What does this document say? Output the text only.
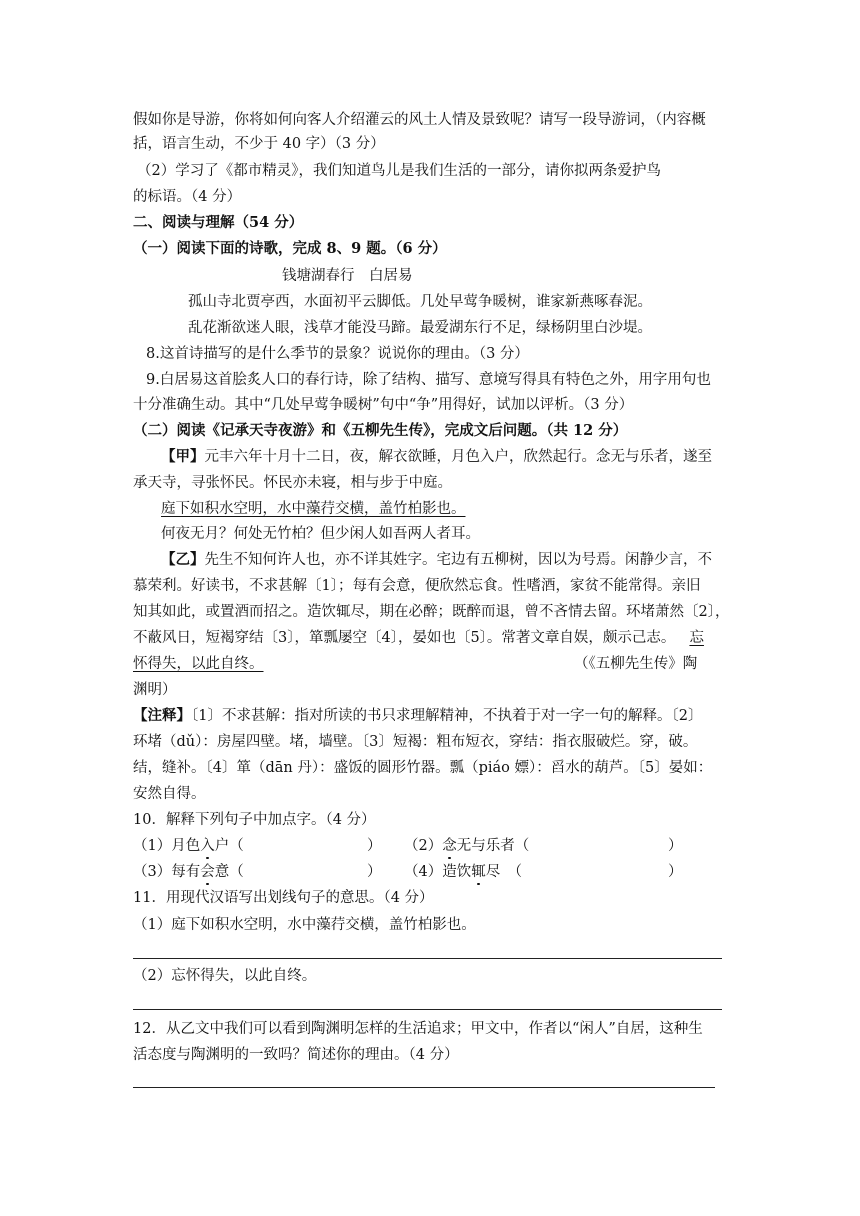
假如你是导游，你将如何向客人介绍灌云的风土人情及景致呢？请写一段导游词，（内容概
括，语言生动，不少于 40 字）（3 分）
（2）学习了《都市精灵》，我们知道鸟儿是我们生活的一部分，请你拟两条爱护鸟
的标语。（4 分）
二、阅读与理解（54 分）
（一）阅读下面的诗歌，完成 8、9 题。（6 分）
钱塘湖春行　白居易
孤山寺北贾亭西，水面初平云脚低。几处早莺争暖树，谁家新燕啄春泥。
乱花渐欲迷人眼，浅草才能没马蹄。最爱湖东行不足，绿杨阴里白沙堤。
8.这首诗描写的是什么季节的景象？说说你的理由。（3 分）
9.白居易这首脍炙人口的春行诗，除了结构、描写、意境写得具有特色之外，用字用句也
十分准确生动。其中“几处早莺争暖树”句中“争”用得好，试加以评析。（3 分）
（二）阅读《记承天寺夜游》和《五柳先生传》，完成文后问题。（共 12 分）
【甲】元丰六年十月十二日，夜，解衣欲睡，月色入户，欣然起行。念无与乐者，遂至
承天寺，寻张怀民。怀民亦未寝，相与步于中庭。
庭下如积水空明，水中藻荇交横，盖竹柏影也。
何夜无月？何处无竹柏？但少闲人如吾两人者耳。
【乙】先生不知何许人也，亦不详其姓字。宅边有五柳树，因以为号焉。闲静少言，不
慕荣利。好读书，不求甚解〔1〕；每有会意，便欣然忘食。性嗜酒，家贫不能常得。亲旧
知其如此，或置酒而招之。造饮辄尽，期在必醉；既醉而退，曾不吝情去留。环堵萧然〔2〕，
不蔽风日，短褐穿结〔3〕，箪瓢屡空〔4〕，晏如也〔5〕。常著文章自娱，颇示己志。 忘
怀得失，以此自终。	（《五柳先生传》陶
渊明）
【注释】〔1〕不求甚解：指对所读的书只求理解精神，不执着于对一字一句的解释。〔2〕
环堵（dǔ）：房屋四壁。堵，墙壁。〔3〕短褐：粗布短衣，穿结：指衣服破烂。穿，破。
结，缝补。〔4〕箪（dān 丹）：盛饭的圆形竹器。瓢（piáo 嫖）：舀水的葫芦。〔5〕晏如：
安然自得。
10．解释下列句子中加点字。（4 分）
（1）月色入户（	） （2）念无与乐者（	）
（3）每有会意（	） （4）造饮辄尽　（	）
11．用现代汉语写出划线句子的意思。（4 分）
（1）庭下如积水空明，水中藻荇交横，盖竹柏影也。
（2）忘怀得失，以此自终。
12．从乙文中我们可以看到陶渊明怎样的生活追求；甲文中，作者以“闲人”自居，这种生
活态度与陶渊明的一致吗？简述你的理由。（4 分）
